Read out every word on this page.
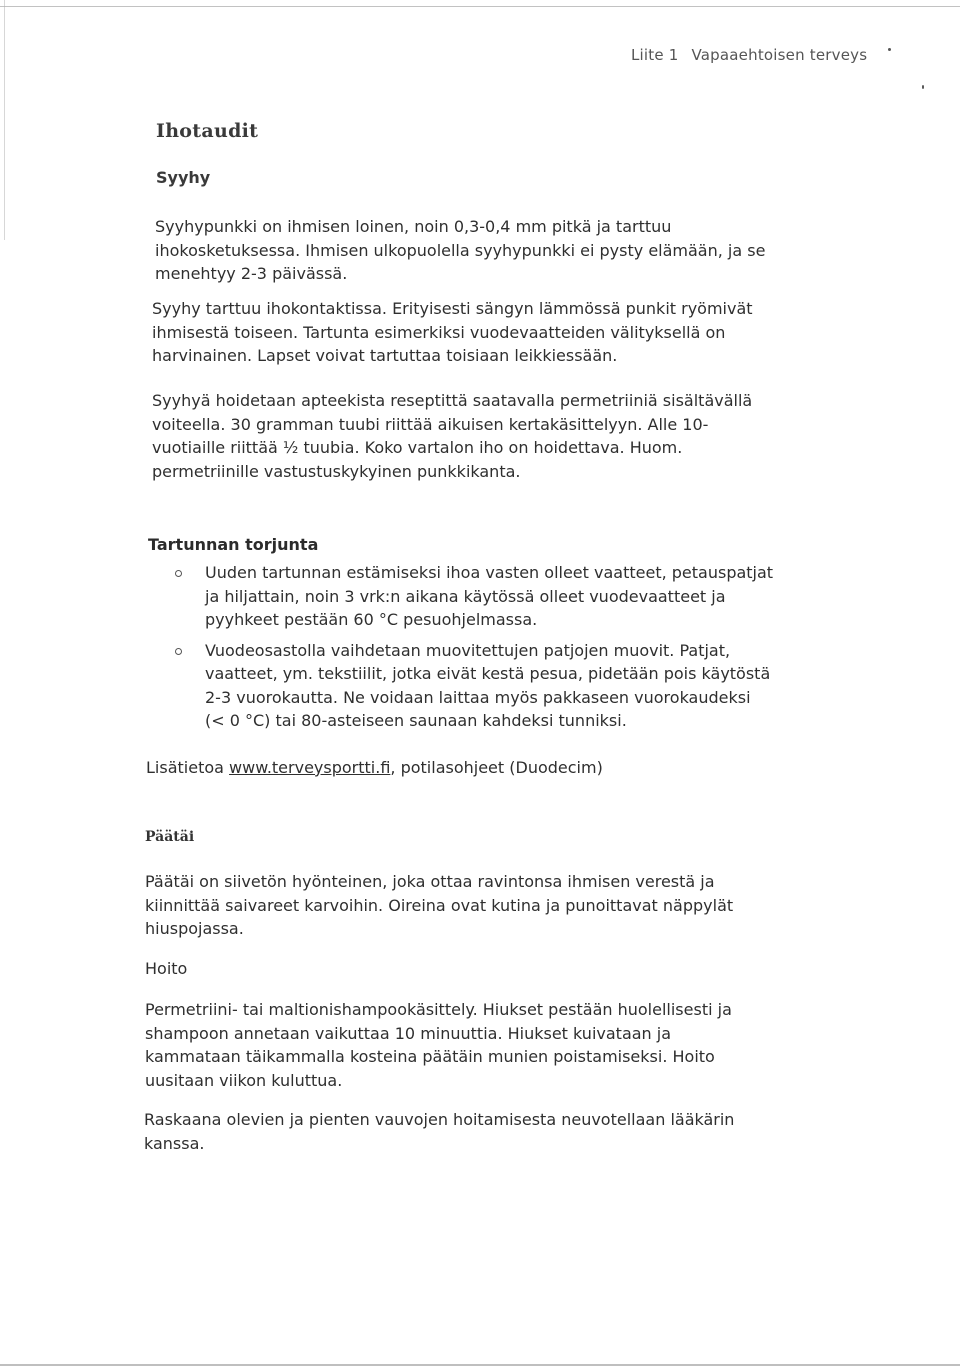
Liite 1 Vapaaehtoisen terveys
Ihotaudit
Syyhy

Syyhypunkki on ihmisen loinen, noin 0,3-0,4 mm pitkä ja tarttuu
ihokosketuksessa. Ihmisen ulkopuolella syyhypunkki ei pysty elämään, ja se
menehtyy 2-3 päivässä.

Syyhy tarttuu ihokontaktissa. Erityisesti sängyn lämmössä punkit ryömivät
ihmisestä toiseen. Tartunta esimerkiksi vuodevaatteiden välityksellä on
harvinainen. Lapset voivat tartuttaa toisiaan leikkiessään.

Syyhyä hoidetaan apteekista reseptittä saatavalla permetriiniä sisältävällä
voiteella. 30 gramman tuubi riittää aikuisen kertakäsittelyyn. Alle 10-
vuotiaille riittää ½ tuubia. Koko vartalon iho on hoidettava. Huom.
permetriinille vastustuskykyinen punkkikanta.

Tartunnan torjunta
Uuden tartunnan estämiseksi ihoa vasten olleet vaatteet, petauspatjat
ja hiljattain, noin 3 vrk:n aikana käytössä olleet vuodevaatteet ja
pyyhkeet pestään 60 °C pesuohjelmassa.
Vuodeosastolla vaihdetaan muovitettujen patjojen muovit. Patjat,
vaatteet, ym. tekstiilit, jotka eivät kestä pesua, pidetään pois käytöstä
2-3 vuorokautta. Ne voidaan laittaa myös pakkaseen vuorokaudeksi
(< 0 °C) tai 80-asteiseen saunaan kahdeksi tunniksi.
Lisätietoa www.terveysportti.fi, potilasohjeet (Duodecim)
Päätäi

Päätäi on siivetön hyönteinen, joka ottaa ravintonsa ihmisen verestä ja
kiinnittää saivareet karvoihin. Oireina ovat kutina ja punoittavat näppylät
hiuspojassa.

Hoito

Permetriini- tai maltionishampookäsittely. Hiukset pestään huolellisesti ja
shampoon annetaan vaikuttaa 10 minuuttia. Hiukset kuivataan ja
kammataan täikammalla kosteina päätäin munien poistamiseksi. Hoito
uusitaan viikon kuluttua.

Raskaana olevien ja pienten vauvojen hoitamisesta neuvotellaan lääkärin
kanssa.
